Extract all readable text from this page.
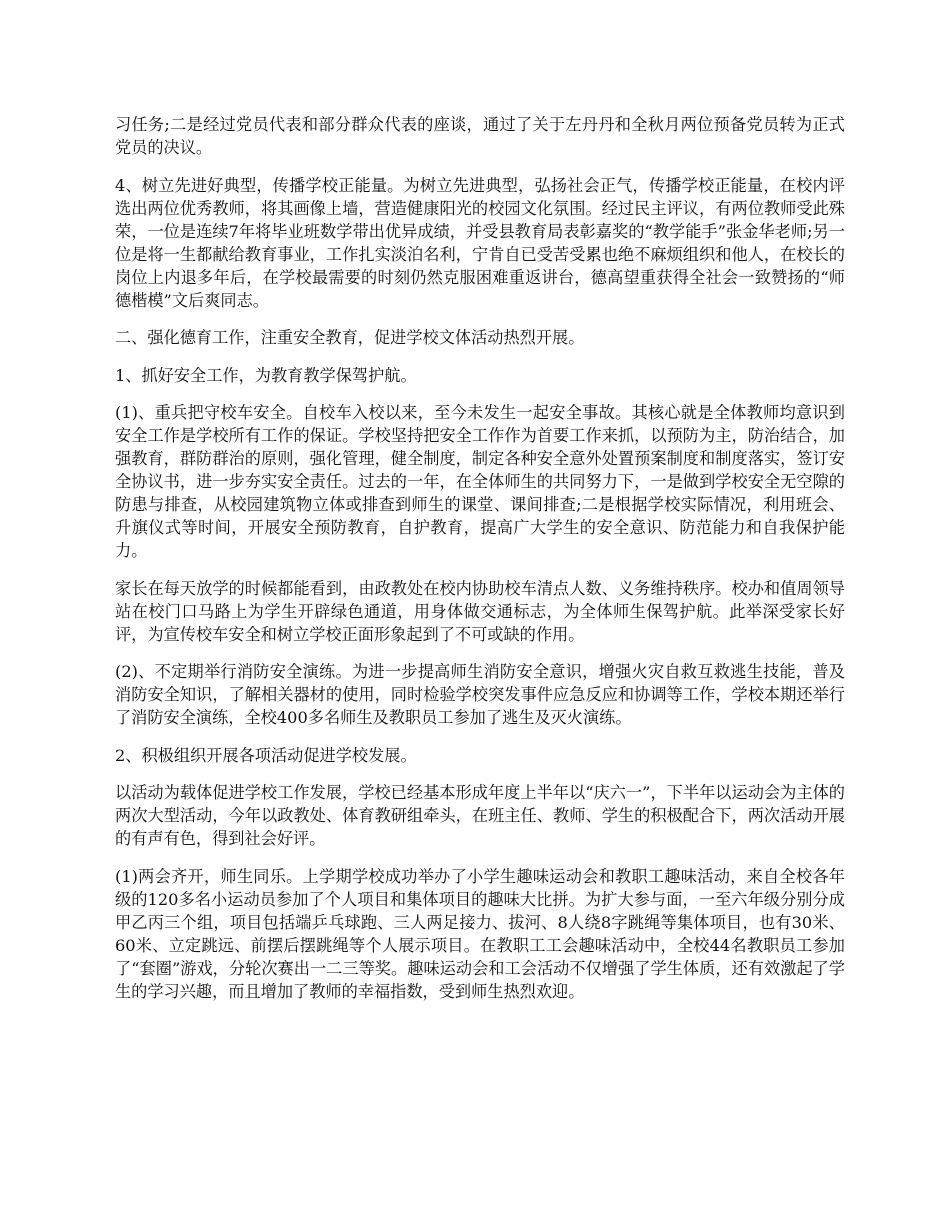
习任务;二是经过党员代表和部分群众代表的座谈，通过了关于左丹丹和全秋月两位预备党员转为正式党员的决议。

4、树立先进好典型，传播学校正能量。为树立先进典型，弘扬社会正气，传播学校正能量，在校内评选出两位优秀教师，将其画像上墙，营造健康阳光的校园文化氛围。经过民主评议，有两位教师受此殊荣，一位是连续7年将毕业班数学带出优异成绩，并受县教育局表彰嘉奖的“教学能手”张金华老师;另一位是将一生都献给教育事业，工作扎实淡泊名利，宁肯自已受苦受累也绝不麻烦组织和他人，在校长的岗位上内退多年后，在学校最需要的时刻仍然克服困难重返讲台，德高望重获得全社会一致赞扬的“师德楷模”文后爽同志。

二、强化德育工作，注重安全教育，促进学校文体活动热烈开展。

1、抓好安全工作，为教育教学保驾护航。

(1)、重兵把守校车安全。自校车入校以来，至今未发生一起安全事故。其核心就是全体教师均意识到安全工作是学校所有工作的保证。学校坚持把安全工作作为首要工作来抓，以预防为主，防治结合，加强教育，群防群治的原则，强化管理，健全制度，制定各种安全意外处置预案制度和制度落实，签订安全协议书，进一步夯实安全责任。过去的一年，在全体师生的共同努力下，一是做到学校安全无空隙的防患与排查，从校园建筑物立体或排查到师生的课堂、课间排查;二是根据学校实际情况，利用班会、升旗仪式等时间，开展安全预防教育，自护教育，提高广大学生的安全意识、防范能力和自我保护能力。

家长在每天放学的时候都能看到，由政教处在校内协助校车清点人数、义务维持秩序。校办和值周领导站在校门口马路上为学生开辟绿色通道，用身体做交通标志，为全体师生保驾护航。此举深受家长好评，为宣传校车安全和树立学校正面形象起到了不可或缺的作用。

(2)、不定期举行消防安全演练。为进一步提高师生消防安全意识，增强火灾自救互救逃生技能，普及消防安全知识，了解相关器材的使用，同时检验学校突发事件应急反应和协调等工作，学校本期还举行了消防安全演练，全校400多名师生及教职员工参加了逃生及灭火演练。

2、积极组织开展各项活动促进学校发展。

以活动为载体促进学校工作发展，学校已经基本形成年度上半年以“庆六一”，下半年以运动会为主体的两次大型活动，今年以政教处、体育教研组牵头，在班主任、教师、学生的积极配合下，两次活动开展的有声有色，得到社会好评。

(1)两会齐开，师生同乐。上学期学校成功举办了小学生趣味运动会和教职工趣味活动，来自全校各年级的120多名小运动员参加了个人项目和集体项目的趣味大比拼。为扩大参与面，一至六年级分别分成甲乙丙三个组，项目包括端乒乓球跑、三人两足接力、拔河、8人绕8字跳绳等集体项目，也有30米、60米、立定跳远、前摆后摆跳绳等个人展示项目。在教职工工会趣味活动中，全校44名教职员工参加了“套圈”游戏，分轮次赛出一二三等奖。趣味运动会和工会活动不仅增强了学生体质，还有效激起了学生的学习兴趣，而且增加了教师的幸福指数，受到师生热烈欢迎。
